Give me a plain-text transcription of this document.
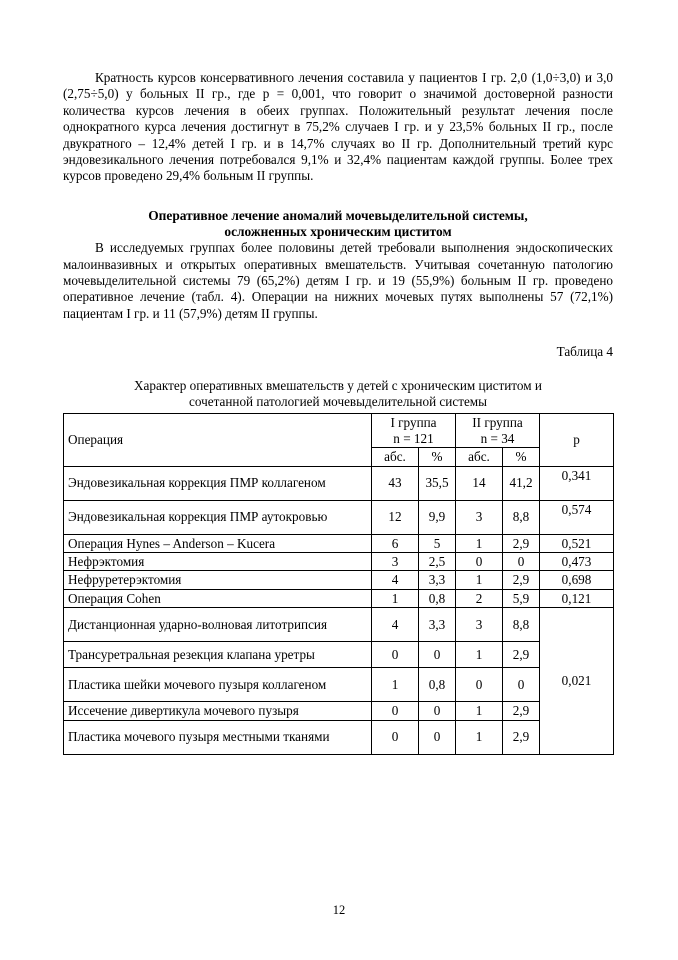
Кратность курсов консервативного лечения составила у пациентов I гр. 2,0 (1,0÷3,0) и 3,0 (2,75÷5,0) у больных II гр., где p = 0,001, что говорит о значимой достоверной разности количества курсов лечения в обеих группах. Положительный результат лечения после однократного курса лечения достигнут в 75,2% случаев I гр. и у 23,5% больных II гр., после двукратного – 12,4% детей I гр. и в 14,7% случаях во II гр. Дополнительный третий курс эндовезикального лечения потребовался 9,1% и 32,4% пациентам каждой группы. Более трех курсов проведено 29,4% больным II группы.

Оперативное лечение аномалий мочевыделительной системы,
осложненных хроническим циститом

В исследуемых группах более половины детей требовали выполнения эндоскопических малоинвазивных и открытых оперативных вмешательств. Учитывая сочетанную патологию мочевыделительной системы 79 (65,2%) детям I гр. и 19 (55,9%) больным II гр. проведено оперативное лечение (табл. 4). Операции на нижних мочевых путях выполнены 57 (72,1%) пациентам I гр. и 11 (57,9%) детям II группы.

Таблица 4
Характер оперативных вмешательств у детей с хроническим циститом и
сочетанной патологией мочевыделительной системы
Операция	I группа
n = 121		II группа
n = 34		p
	абс.	%	абс.	%	
Эндовезикальная коррекция ПМР коллагеном	43	35,5	14	41,2	0,341
Эндовезикальная коррекция ПМР аутокровью	12	9,9	3	8,8	0,574
Операция Hynes – Anderson – Kucera	6	5	1	2,9	0,521
Нефрэктомия	3	2,5	0	0	0,473
Нефруретерэктомия	4	3,3	1	2,9	0,698
Операция Cohen	1	0,8	2	5,9	0,121
Дистанционная ударно-волновая литотрипсия	4	3,3	3	8,8	0,021
Трансуретральная резекция клапана уретры	0	0	1	2,9	
Пластика шейки мочевого пузыря коллагеном	1	0,8	0	0	
Иссечение дивертикула мочевого пузыря	0	0	1	2,9	
Пластика мочевого пузыря местными тканями	0	0	1	2,9	
12
